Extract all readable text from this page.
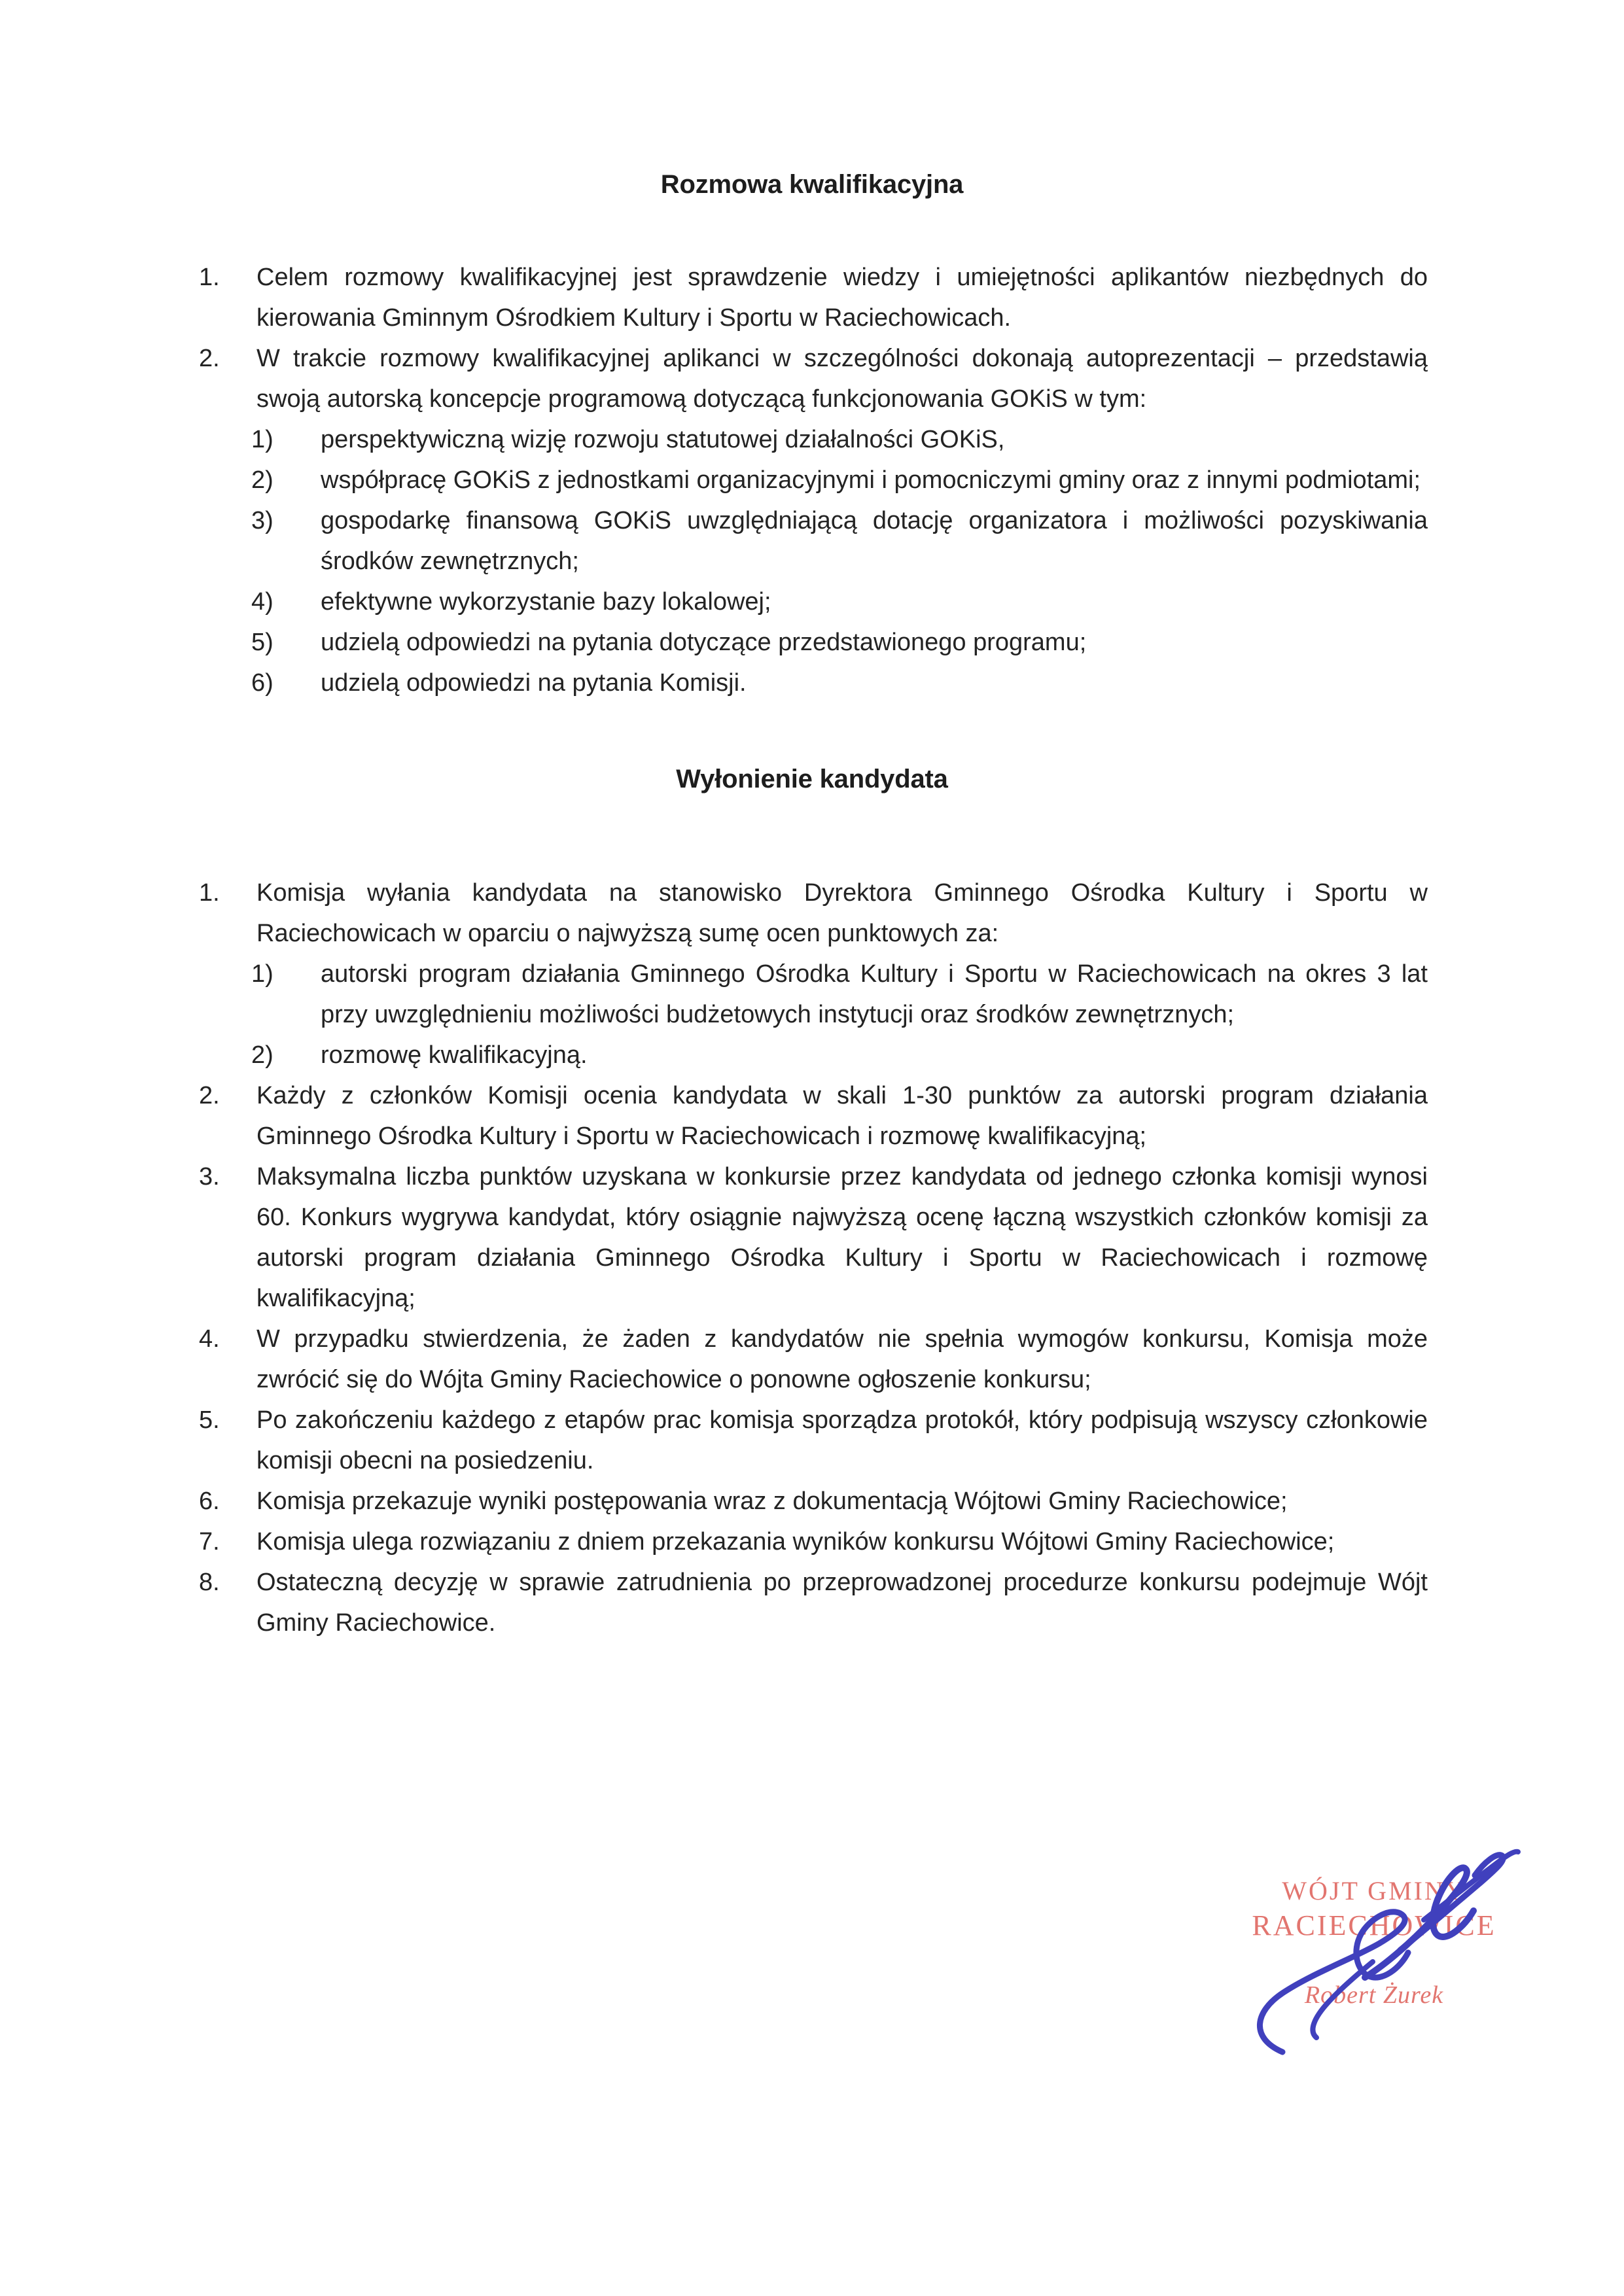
Rozmowa kwalifikacyjna
1.	Celem rozmowy kwalifikacyjnej jest sprawdzenie wiedzy i umiejętności aplikantów niezbędnych do kierowania Gminnym Ośrodkiem Kultury i Sportu w Raciechowicach.
2.	W trakcie rozmowy kwalifikacyjnej aplikanci w szczególności dokonają autoprezentacji – przedstawią swoją autorską koncepcje programową dotyczącą funkcjonowania GOKiS w tym:
1)	perspektywiczną wizję rozwoju statutowej działalności GOKiS,
2)	współpracę GOKiS z jednostkami organizacyjnymi i pomocniczymi gminy oraz z innymi podmiotami;
3)	gospodarkę finansową GOKiS uwzględniającą dotację organizatora i możliwości pozyskiwania środków zewnętrznych;
4)	efektywne wykorzystanie bazy lokalowej;
5)	udzielą odpowiedzi na pytania dotyczące przedstawionego programu;
6)	udzielą odpowiedzi na pytania Komisji.
Wyłonienie kandydata
1.	Komisja wyłania kandydata na stanowisko Dyrektora Gminnego Ośrodka Kultury i Sportu w Raciechowicach w oparciu o najwyższą sumę ocen punktowych za:
1)	autorski program działania Gminnego Ośrodka Kultury i Sportu w Raciechowicach na okres 3 lat przy uwzględnieniu możliwości budżetowych instytucji oraz środków zewnętrznych;
2)	rozmowę kwalifikacyjną.
2.	Każdy z członków Komisji ocenia kandydata w skali 1-30 punktów za autorski program działania Gminnego Ośrodka Kultury i Sportu w Raciechowicach i rozmowę kwalifikacyjną;
3.	Maksymalna liczba punktów uzyskana w konkursie przez kandydata od jednego członka komisji wynosi 60. Konkurs wygrywa kandydat, który osiągnie najwyższą ocenę łączną wszystkich członków komisji za autorski program działania Gminnego Ośrodka Kultury i Sportu w Raciechowicach i rozmowę kwalifikacyjną;
4.	W przypadku stwierdzenia, że żaden z kandydatów nie spełnia wymogów konkursu, Komisja może zwrócić się do Wójta Gminy Raciechowice o ponowne ogłoszenie konkursu;
5.	Po zakończeniu każdego z etapów prac komisja sporządza protokół, który podpisują wszyscy członkowie komisji obecni na posiedzeniu.
6.	Komisja przekazuje wyniki postępowania wraz z dokumentacją Wójtowi Gminy Raciechowice;
7.	Komisja ulega rozwiązaniu z dniem przekazania wyników konkursu Wójtowi Gminy Raciechowice;
8.	Ostateczną decyzję w sprawie zatrudnienia po przeprowadzonej procedurze konkursu podejmuje Wójt Gminy Raciechowice.
WÓJT GMINY
RACIECHOWICE
Robert Żurek
